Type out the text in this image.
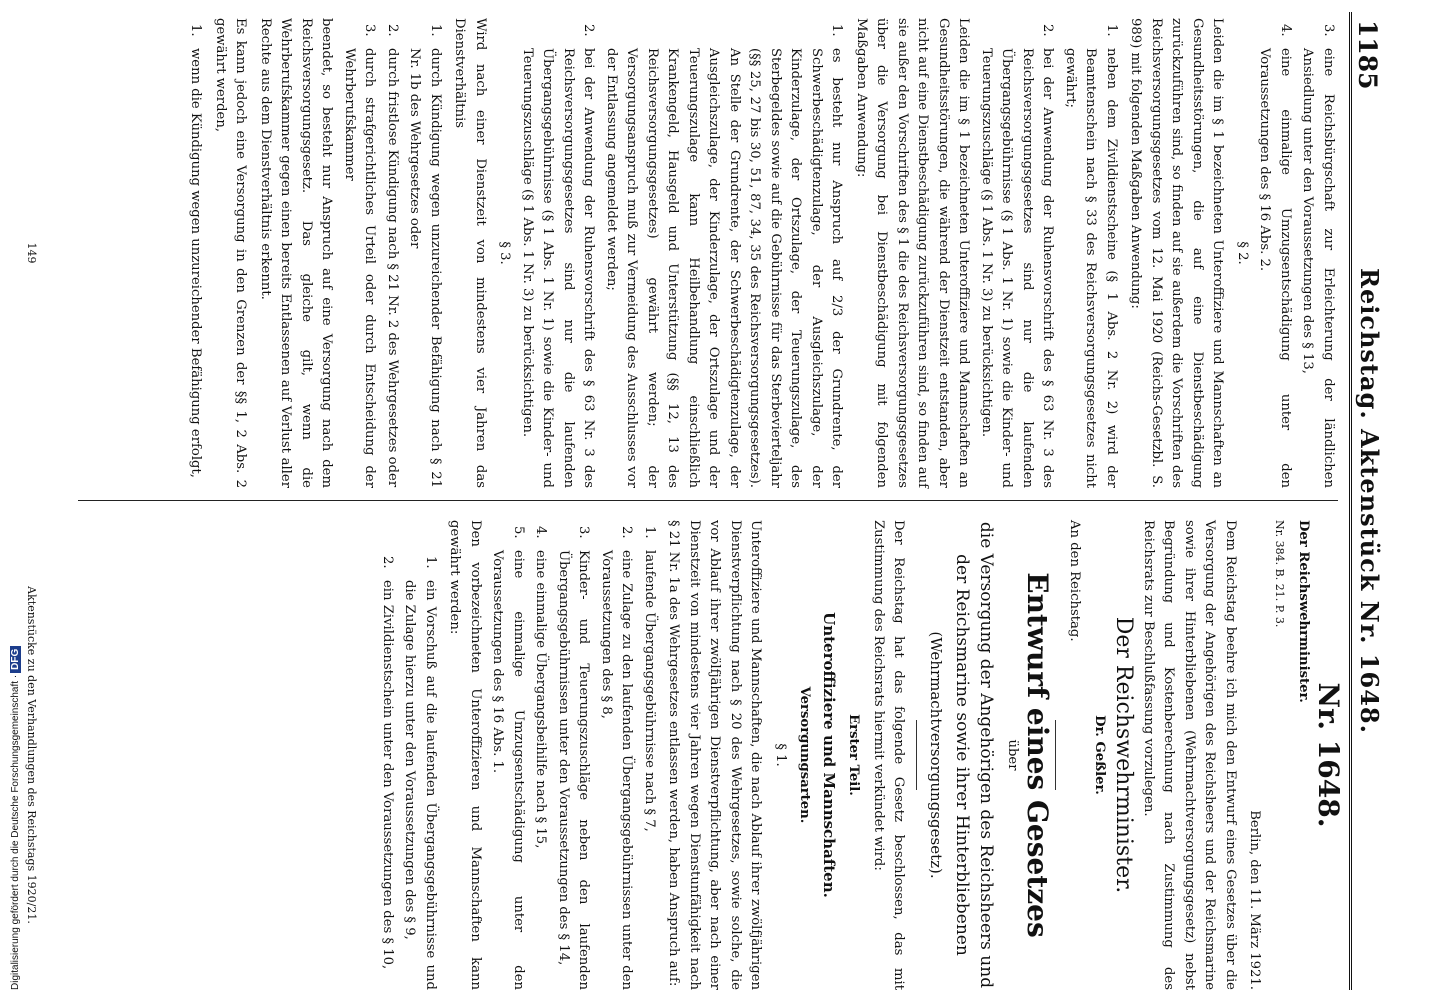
1185
Reichstag. Aktenstück Nr. 1648.

Nr. 1648.

Der Reichswehrminister.

Nr. 384. B. 21. P. 3.

Berlin, den 11. März 1921.

Dem Reichstag beehre ich mich den Entwurf eines Gesetzes über die Versorgung der Angehörigen des Reichsheers und der Reichsmarine sowie ihrer Hinterbliebenen (Wehrmachtversorgungsgesetz) nebst Begründung und Kostenberechnung nach Zustimmung des Reichsrats zur Beschlußfassung vorzulegen.

Der Reichswehrminister.

Dr. Geßler.

An den Reichstag.

Entwurf eines Gesetzes

über

die Versorgung der Angehörigen des Reichsheers und der Reichsmarine sowie ihrer Hinterbliebenen

(Wehrmachtversorgungsgesetz).

Der Reichstag hat das folgende Gesetz beschlossen, das mit Zustimmung des Reichsrats hiermit verkündet wird:

Erster Teil.

Unteroffiziere und Mannschaften.

Versorgungsarten.

§ 1.

Unteroffiziere und Mannschaften, die nach Ablauf ihrer zwölfjährigen Dienstverpflichtung nach § 20 des Wehrgesetzes, sowie solche, die vor Ablauf ihrer zwölfjährigen Dienstverpflichtung, aber nach einer Dienstzeit von mindestens vier Jahren wegen Dienstunfähigkeit nach § 21 Nr. 1a des Wehrgesetzes entlassen werden, haben Anspruch auf:

1.
laufende Übergangsgebührnisse nach § 7,
2.
eine Zulage zu den laufenden Übergangsgebührnissen unter den Voraussetzungen des § 8,
3.
Kinder- und Teuerungszuschläge neben den laufenden Übergangsgebührnissen unter den Voraussetzungen des § 14,
4.
eine einmalige Übergangsbeihilfe nach § 15,
5.
eine einmalige Umzugsentschädigung unter den Voraussetzungen des § 16 Abs. 1.

Den vorbezeichneten Unteroffizieren und Mannschaften kann gewährt werden:

1.
ein Vorschuß auf die laufenden Übergangsgebührnisse und die Zulage hierzu unter den Voraussetzungen des § 9,
2.
ein Zivildienstschein unter den Voraussetzungen des § 10,
3.
eine Reichsbürgschaft zur Erleichterung der ländlichen Ansiedlung unter den Voraussetzungen des § 13,
4.
eine einmalige Umzugsentschädigung unter den Voraussetzungen des § 16 Abs. 2.

§ 2.

Leiden die im § 1 bezeichneten Unteroffiziere und Mannschaften an Gesundheitsstörungen, die auf eine Dienstbeschädigung zurückzuführen sind, so finden auf sie außerdem die Vorschriften des Reichsversorgungsgesetzes vom 12. Mai 1920 (Reichs-Gesetzbl. S. 989) mit folgenden Maßgaben Anwendung:

1.
neben dem Zivildienstscheine (§ 1 Abs. 2 Nr. 2) wird der Beamtenschein nach § 33 des Reichsversorgungsgesetzes nicht gewährt;
2.
bei der Anwendung der Ruhensvorschrift des § 63 Nr. 3 des Reichsversorgungsgesetzes sind nur die laufenden Übergangsgebührnisse (§ 1 Abs. 1 Nr. 1) sowie die Kinder- und Teuerungszuschläge (§ 1 Abs. 1 Nr. 3) zu berücksichtigen.

Leiden die im § 1 bezeichneten Unteroffiziere und Mannschaften an Gesundheitsstörungen, die während der Dienstzeit entstanden, aber nicht auf eine Dienstbeschädigung zurückzuführen sind, so finden auf sie außer den Vorschriften des § 1 die des Reichsversorgungsgesetzes über die Versorgung bei Dienstbeschädigung mit folgenden Maßgaben Anwendung:

1.
es besteht nur Anspruch auf 2/3 der Grundrente, der Schwerbeschädigtenzulage, der Ausgleichszulage, der Kinderzulage, der Ortszulage, der Teuerungszulage, des Sterbegeldes sowie auf die Gebührnisse für das Sterbevierteljahr (§§ 25, 27 bis 30, 51, 87, 34, 35 des Reichsversorgungsgesetzes). An Stelle der Grundrente, der Schwerbeschädigtenzulage, der Ausgleichszulage, der Kinderzulage, der Ortszulage und der Teuerungszulage kann Heilbehandlung einschließlich Krankengeld, Hausgeld und Unterstützung (§§ 12, 13 des Reichsversorgungsgesetzes) gewährt werden; der Versorgungsanspruch muß zur Vermeidung des Ausschlusses vor der Entlassung angemeldet werden;
2.
bei der Anwendung der Ruhensvorschrift des § 63 Nr. 3 des Reichsversorgungsgesetzes sind nur die laufenden Übergangsgebührnisse (§ 1 Abs. 1 Nr. 1) sowie die Kinder- und Teuerungszuschläge (§ 1 Abs. 1 Nr. 3) zu berücksichtigen.

§ 3.

Wird nach einer Dienstzeit von mindestens vier Jahren das Dienstverhältnis

1.
durch Kündigung wegen unzureichender Befähigung nach § 21 Nr. 1b des Wehrgesetzes oder
2.
durch fristlose Kündigung nach § 21 Nr. 2 des Wehrgesetzes oder
3.
durch strafgerichtliches Urteil oder durch Entscheidung der Wehrberufskammer

beendet, so besteht nur Anspruch auf eine Versorgung nach dem Reichsversorgungsgesetz. Das gleiche gilt, wenn die Wehrberufskammer gegen einen bereits Entlassenen auf Verlust aller Rechte aus dem Dienstverhältnis erkennt.

Es kann jedoch eine Versorgung in den Grenzen der §§ 1, 2 Abs. 2 gewährt werden,

1.
wenn die Kündigung wegen unzureichender Befähigung erfolgt,
Aktenstücke zu den Verhandlungen des Reichstags 1920/21.
149
Digitalisierung gefördert durch die Deutsche Forschungsgemeinschaft ·DFG
